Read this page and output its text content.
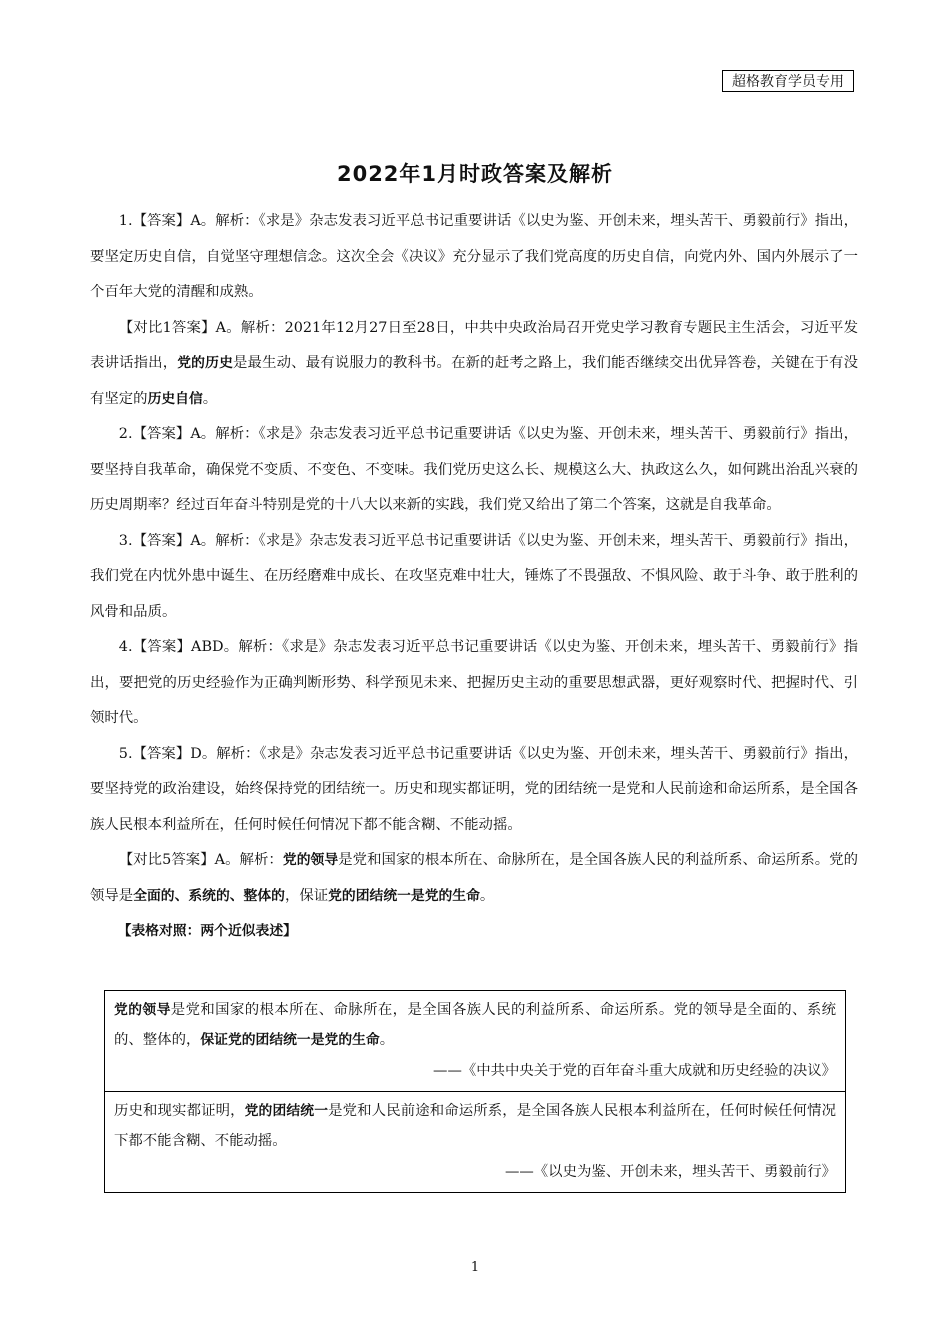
超格教育学员专用
2022年1月时政答案及解析

1.【答案】A。解析：《求是》杂志发表习近平总书记重要讲话《以史为鉴、开创未来，埋头苦干、勇毅前行》指出，要坚定历史自信，自觉坚守理想信念。这次全会《决议》充分显示了我们党高度的历史自信，向党内外、国内外展示了一个百年大党的清醒和成熟。

【对比1答案】A。解析：2021年12月27日至28日，中共中央政治局召开党史学习教育专题民主生活会，习近平发表讲话指出，党的历史是最生动、最有说服力的教科书。在新的赶考之路上，我们能否继续交出优异答卷，关键在于有没有坚定的历史自信。

2.【答案】A。解析：《求是》杂志发表习近平总书记重要讲话《以史为鉴、开创未来，埋头苦干、勇毅前行》指出，要坚持自我革命，确保党不变质、不变色、不变味。我们党历史这么长、规模这么大、执政这么久，如何跳出治乱兴衰的历史周期率？经过百年奋斗特别是党的十八大以来新的实践，我们党又给出了第二个答案，这就是自我革命。

3.【答案】A。解析：《求是》杂志发表习近平总书记重要讲话《以史为鉴、开创未来，埋头苦干、勇毅前行》指出，我们党在内忧外患中诞生、在历经磨难中成长、在攻坚克难中壮大，锤炼了不畏强敌、不惧风险、敢于斗争、敢于胜利的风骨和品质。

4.【答案】ABD。解析：《求是》杂志发表习近平总书记重要讲话《以史为鉴、开创未来，埋头苦干、勇毅前行》指出，要把党的历史经验作为正确判断形势、科学预见未来、把握历史主动的重要思想武器，更好观察时代、把握时代、引领时代。

5.【答案】D。解析：《求是》杂志发表习近平总书记重要讲话《以史为鉴、开创未来，埋头苦干、勇毅前行》指出，要坚持党的政治建设，始终保持党的团结统一。历史和现实都证明，党的团结统一是党和人民前途和命运所系，是全国各族人民根本利益所在，任何时候任何情况下都不能含糊、不能动摇。

【对比5答案】A。解析：党的领导是党和国家的根本所在、命脉所在，是全国各族人民的利益所系、命运所系。党的领导是全面的、系统的、整体的，保证党的团结统一是党的生命。

【表格对照：两个近似表述】

党的领导是党和国家的根本所在、命脉所在，是全国各族人民的利益所系、命运所系。党的领导是全面的、系统的、整体的，保证党的团结统一是党的生命。

——《中共中央关于党的百年奋斗重大成就和历史经验的决议》

历史和现实都证明，党的团结统一是党和人民前途和命运所系，是全国各族人民根本利益所在，任何时候任何情况下都不能含糊、不能动摇。

——《以史为鉴、开创未来，埋头苦干、勇毅前行》

1
